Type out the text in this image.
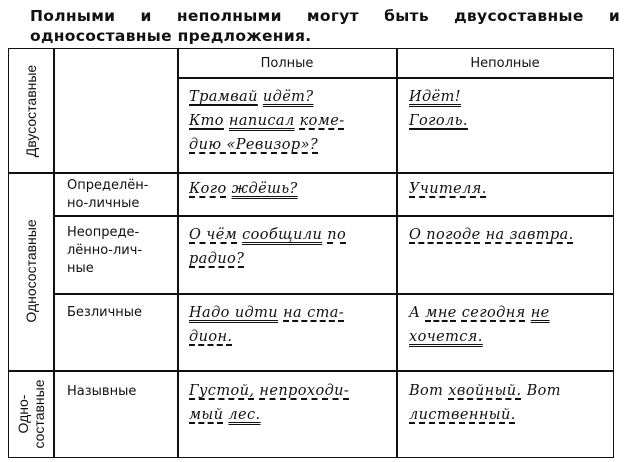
Полными и неполными могут быть двусоставные и односоставные предложения.
Двусоставные
Односоставные
Одно-
составные
Полные	Неполные
Определён-
но-личные
Неопреде-
лённо-лич-
ные
Безличные
Назывные
Трамвай идёт?
Кто написал коме-
дию «Ревизор»?
Идёт!
Гоголь.
Кого ждёшь?	Учителя.
О чём сообщили по
радио?
О погоде на завтра.
Надо идти на ста-
дион.
А мне сегодня не
хочется.
Густой, непроходи-
мый лес.
Вот хвойный. Вот
лиственный.
